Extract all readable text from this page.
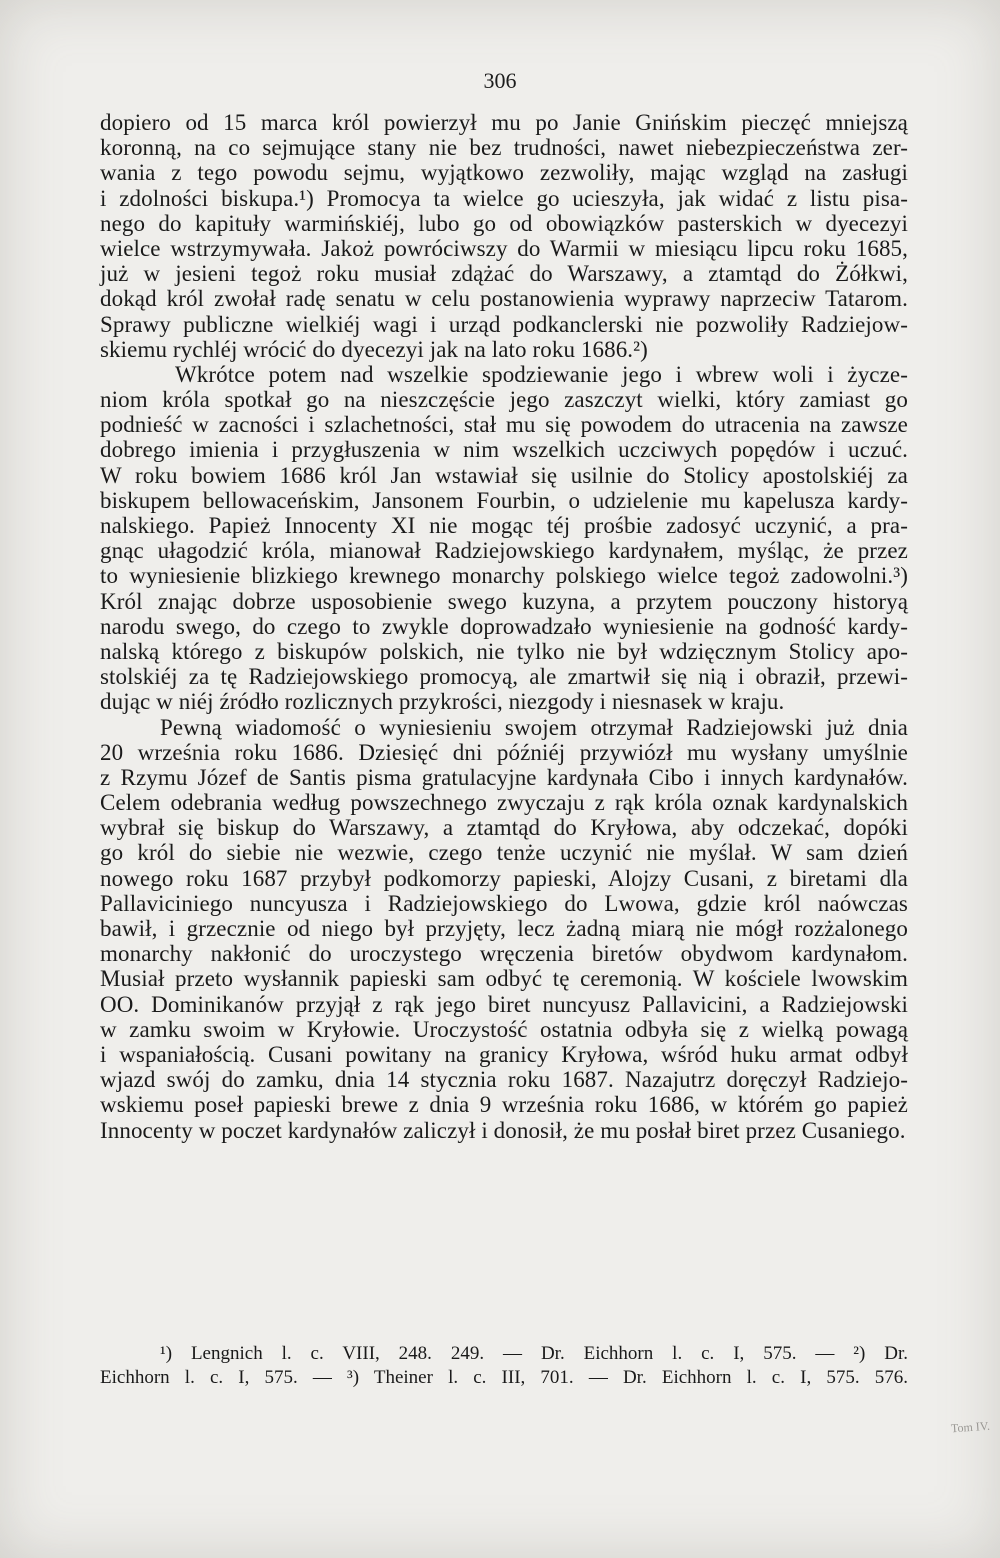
306
dopiero od 15 marca król powierzył mu po Janie Gnińskim pieczęć mniejszą
koronną, na co sejmujące stany nie bez trudności, nawet niebezpieczeństwa zer-
wania z tego powodu sejmu, wyjątkowo zezwoliły, mając wzgląd na zasługi
i zdolności biskupa.¹) Promocya ta wielce go ucieszyła, jak widać z listu pisa-
nego do kapituły warmińskiéj, lubo go od obowiązków pasterskich w dyecezyi
wielce wstrzymywała. Jakoż powróciwszy do Warmii w miesiącu lipcu roku 1685,
już w jesieni tegoż roku musiał zdążać do Warszawy, a ztamtąd do Żółkwi,
dokąd król zwołał radę senatu w celu postanowienia wyprawy naprzeciw Tatarom.
Sprawy publiczne wielkiéj wagi i urząd podkanclerski nie pozwoliły Radziejow-
skiemu rychléj wrócić do dyecezyi jak na lato roku 1686.²)
Wkrótce potem nad wszelkie spodziewanie jego i wbrew woli i życze-
niom króla spotkał go na nieszczęście jego zaszczyt wielki, który zamiast go
podnieść w zacności i szlachetności, stał mu się powodem do utracenia na zawsze
dobrego imienia i przygłuszenia w nim wszelkich uczciwych popędów i uczuć.
W roku bowiem 1686 król Jan wstawiał się usilnie do Stolicy apostolskiéj za
biskupem bellowaceńskim, Jansonem Fourbin, o udzielenie mu kapelusza kardy-
nalskiego. Papież Innocenty XI nie mogąc téj prośbie zadosyć uczynić, a pra-
gnąc ułagodzić króla, mianował Radziejowskiego kardynałem, myśląc, że przez
to wyniesienie blizkiego krewnego monarchy polskiego wielce tegoż zadowolni.³)
Król znając dobrze usposobienie swego kuzyna, a przytem pouczony historyą
narodu swego, do czego to zwykle doprowadzało wyniesienie na godność kardy-
nalską którego z biskupów polskich, nie tylko nie był wdzięcznym Stolicy apo-
stolskiéj za tę Radziejowskiego promocyą, ale zmartwił się nią i obraził, przewi-
dując w niéj źródło rozlicznych przykrości, niezgody i niesnasek w kraju.
Pewną wiadomość o wyniesieniu swojem otrzymał Radziejowski już dnia
20 września roku 1686. Dziesięć dni późniéj przywiózł mu wysłany umyślnie
z Rzymu Józef de Santis pisma gratulacyjne kardynała Cibo i innych kardynałów.
Celem odebrania według powszechnego zwyczaju z rąk króla oznak kardynalskich
wybrał się biskup do Warszawy, a ztamtąd do Kryłowa, aby odczekać, dopóki
go król do siebie nie wezwie, czego tenże uczynić nie myślał. W sam dzień
nowego roku 1687 przybył podkomorzy papieski, Alojzy Cusani, z biretami dla
Pallaviciniego nuncyusza i Radziejowskiego do Lwowa, gdzie król naówczas
bawił, i grzecznie od niego był przyjęty, lecz żadną miarą nie mógł rozżalonego
monarchy nakłonić do uroczystego wręczenia biretów obydwom kardynałom.
Musiał przeto wysłannik papieski sam odbyć tę ceremonią. W kościele lwowskim
OO. Dominikanów przyjął z rąk jego biret nuncyusz Pallavicini, a Radziejowski
w zamku swoim w Kryłowie. Uroczystość ostatnia odbyła się z wielką powagą
i wspaniałością. Cusani powitany na granicy Kryłowa, wśród huku armat odbył
wjazd swój do zamku, dnia 14 stycznia roku 1687. Nazajutrz doręczył Radziejo-
wskiemu poseł papieski brewe z dnia 9 września roku 1686, w którém go papież
Innocenty w poczet kardynałów zaliczył i donosił, że mu posłał biret przez Cusaniego.
¹) Lengnich l. c. VIII, 248. 249. — Dr. Eichhorn l. c. I, 575. — ²) Dr.
Eichhorn l. c. I, 575. — ³) Theiner l. c. III, 701. — Dr. Eichhorn l. c. I, 575. 576.
Tom IV.
